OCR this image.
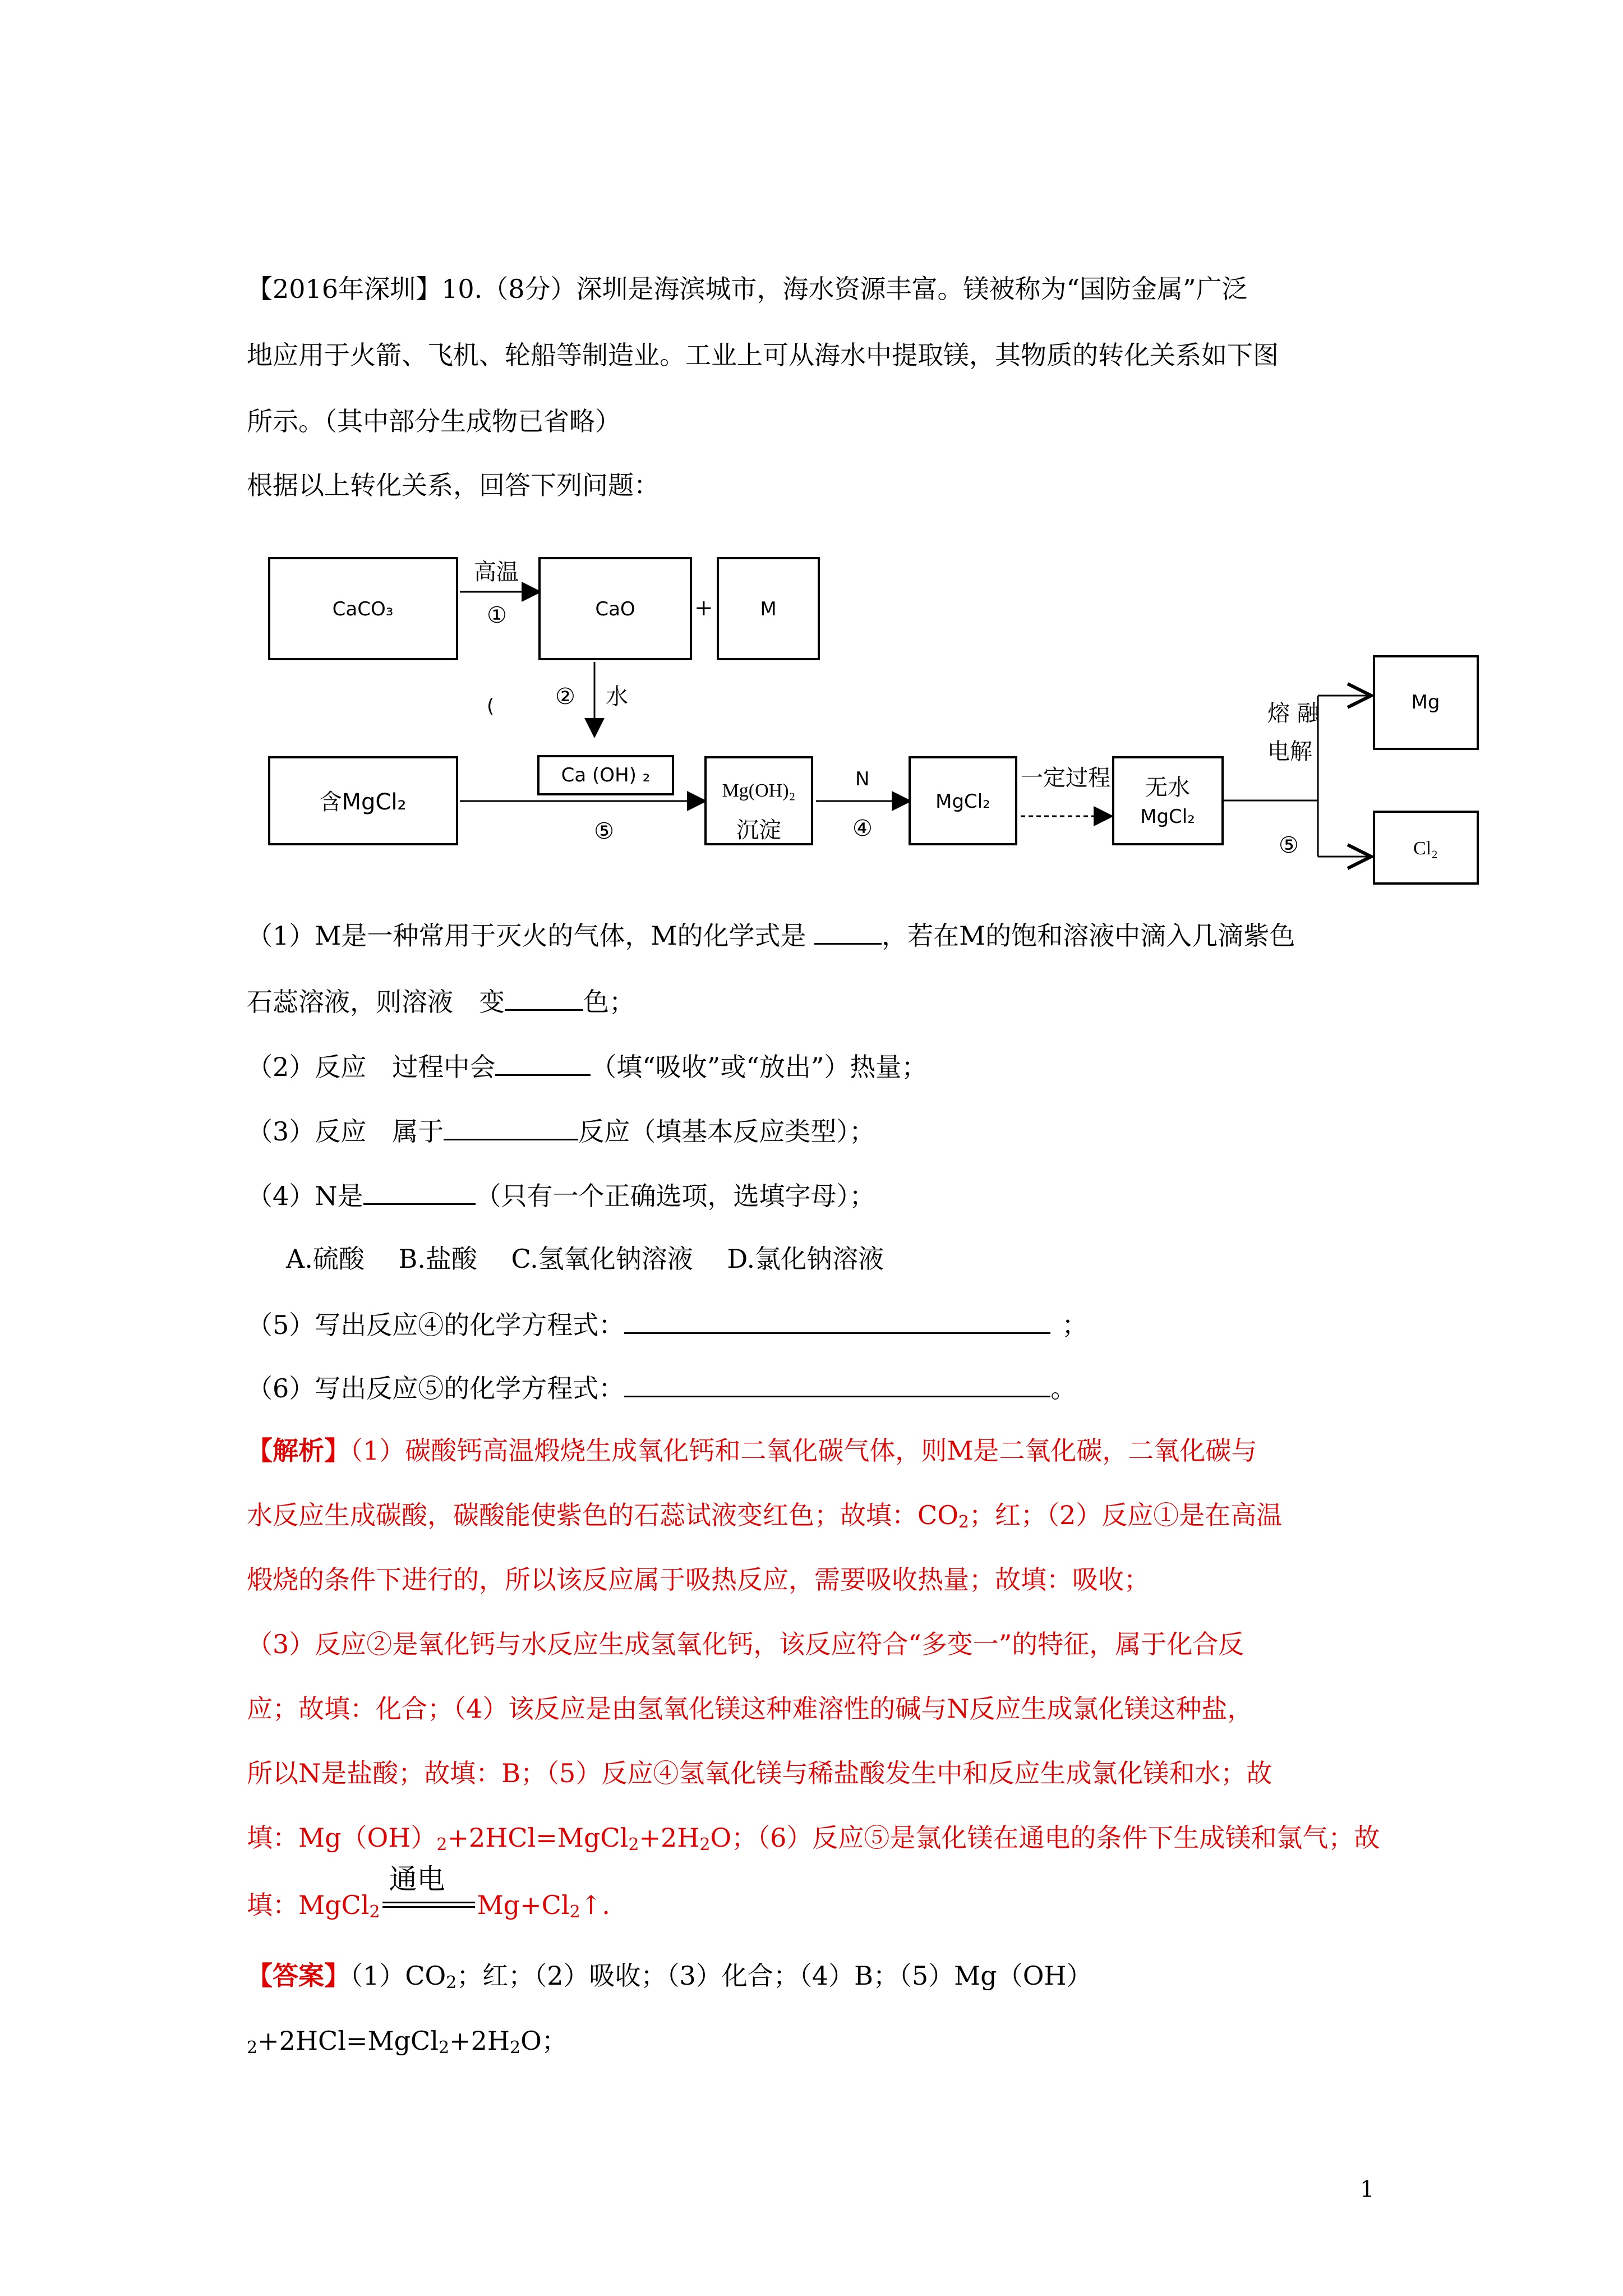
【2016年深圳】10.（8分）深圳是海滨城市，海水资源丰富。镁被称为“国防金属”广泛
地应用于火箭、飞机、轮船等制造业。工业上可从海水中提取镁，其物质的转化关系如下图
所示。（其中部分生成物已省略）
根据以上转化关系，回答下列问题：
CaCO₃
高温
①	CaO	+ M
② 水
(
含MgCl₂
Ca (OH) ₂
⑤
Mg(OH)₂
沉淀
N
④
MgCl₂
一定过程 无水
MgCl₂
熔 融
电解
⑤
Mg
Cl₂
（1）M是一种常用于灭火的气体，M的化学式是	，若在M的饱和溶液中滴入几滴紫色
石蕊溶液，则溶液　变	色；
（2）反应　过程中会	（填“吸收”或“放出”）热量；
（3）反应　属于	反应（填基本反应类型）；
（4）N是	（只有一个正确选项，选填字母）；
A.硫酸　 B.盐酸　 C.氢氧化钠溶液　 D.氯化钠溶液
（5）写出反应④的化学方程式：	；
（6）写出反应⑤的化学方程式：	。
【解析】（1）碳酸钙高温煅烧生成氧化钙和二氧化碳气体，则M是二氧化碳，二氧化碳与
水反应生成碳酸，碳酸能使紫色的石蕊试液变红色；故填：$CO_2$；红；（2）反应①是在高温
煅烧的条件下进行的，所以该反应属于吸热反应，需要吸收热量；故填：吸收；
（3）反应②是氧化钙与水反应生成氢氧化钙，该反应符合“多变一”的特征，属于化合反
应；故填：化合；（4）该反应是由氢氧化镁这种难溶性的碱与N反应生成氯化镁这种盐，
所以N是盐酸；故填：B；（5）反应④氢氧化镁与稀盐酸发生中和反应生成氯化镁和水；故
填：$Mg(OH)_2+2HCl=MgCl_2+2H_2O$；（6）反应⑤是氯化镁在通电的条件下生成镁和氯气；故
填：MgCl$_2$
通电
$Mg+Cl_2↑$.
【答案】$(1)CO_2$；红；（2）吸收；（3）化合；（4）B；（5）Mg（OH）
$_2+2HCl=MgCl_2+2H_2O$；
1
